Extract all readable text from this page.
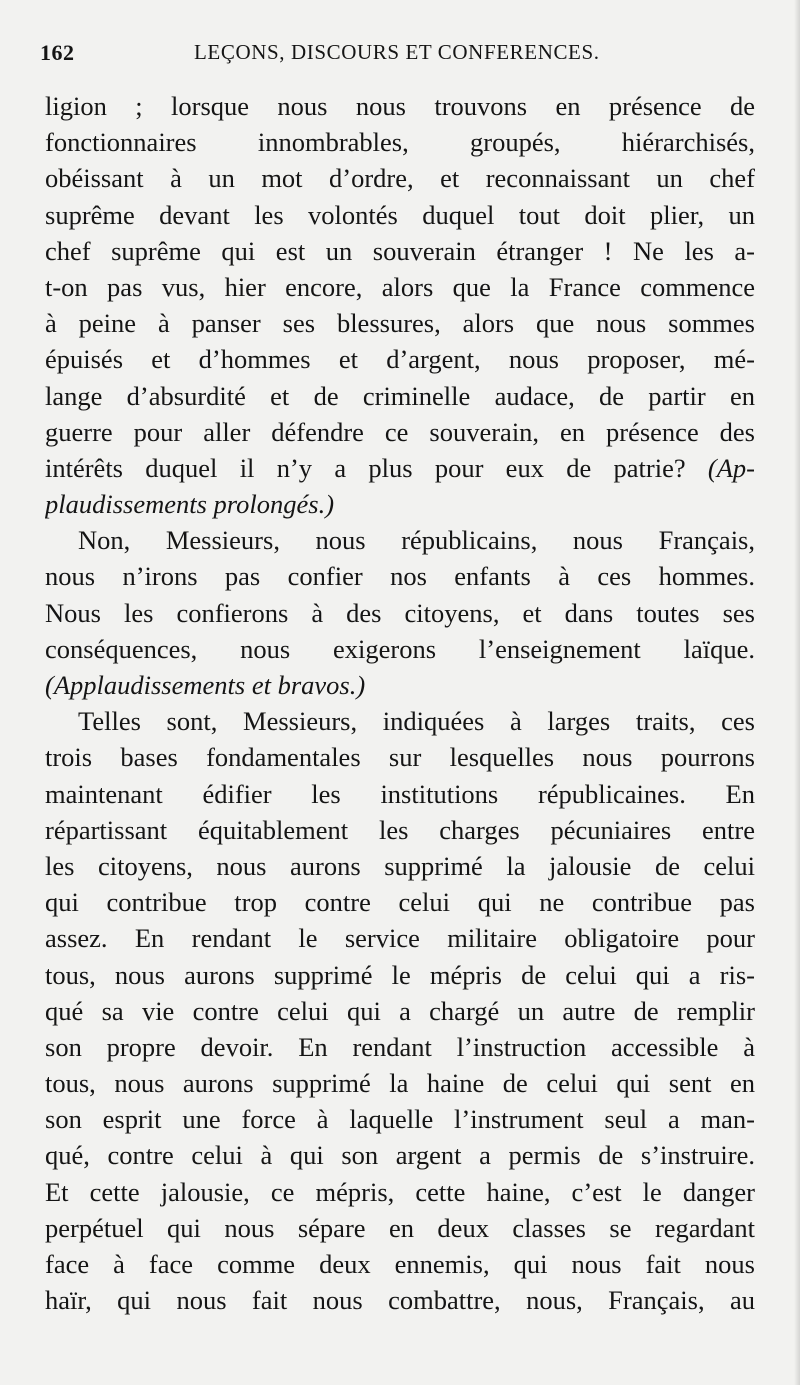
162	LEÇONS, DISCOURS ET CONFERENCES.
ligion ; lorsque nous nous trouvons en présence de
fonctionnaires innombrables, groupés, hiérarchisés,
obéissant à un mot d’ordre, et reconnaissant un chef
suprême devant les volontés duquel tout doit plier, un
chef suprême qui est un souverain étranger ! Ne les a-
t-on pas vus, hier encore, alors que la France commence
à peine à panser ses blessures, alors que nous sommes
épuisés et d’hommes et d’argent, nous proposer, mé-
lange d’absurdité et de criminelle audace, de partir en
guerre pour aller défendre ce souverain, en présence des
intérêts duquel il n’y a plus pour eux de patrie? (Ap-
plaudissements prolongés.)
Non, Messieurs, nous républicains, nous Français,
nous n’irons pas confier nos enfants à ces hommes.
Nous les confierons à des citoyens, et dans toutes ses
conséquences, nous exigerons l’enseignement laïque.
(Applaudissements et bravos.)
Telles sont, Messieurs, indiquées à larges traits, ces
trois bases fondamentales sur lesquelles nous pourrons
maintenant édifier les institutions républicaines. En
répartissant équitablement les charges pécuniaires entre
les citoyens, nous aurons supprimé la jalousie de celui
qui contribue trop contre celui qui ne contribue pas
assez. En rendant le service militaire obligatoire pour
tous, nous aurons supprimé le mépris de celui qui a ris-
qué sa vie contre celui qui a chargé un autre de remplir
son propre devoir. En rendant l’instruction accessible à
tous, nous aurons supprimé la haine de celui qui sent en
son esprit une force à laquelle l’instrument seul a man-
qué, contre celui à qui son argent a permis de s’instruire.
Et cette jalousie, ce mépris, cette haine, c’est le danger
perpétuel qui nous sépare en deux classes se regardant
face à face comme deux ennemis, qui nous fait nous
haïr, qui nous fait nous combattre, nous, Français, au
